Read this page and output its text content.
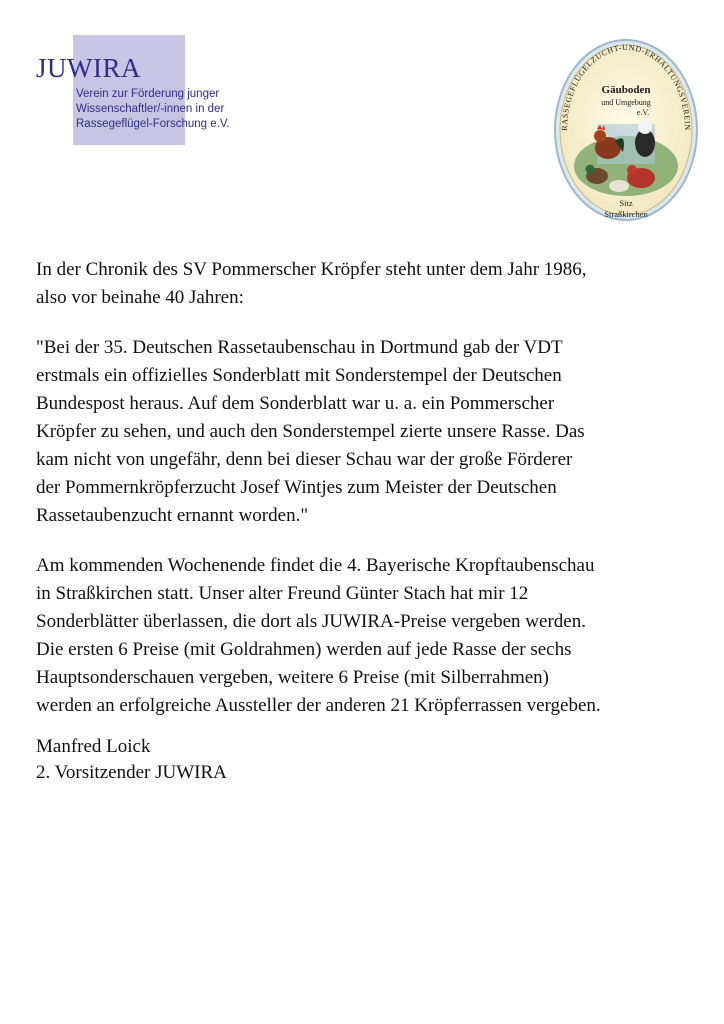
JUWIRA
Verein zur Förderung junger
Wissenschaftler/-innen in der
Rassegeflügel-Forschung e.V.	RASSEGEFLÜGELZUCHT-UND-ERHALTUNGSVEREIN
Gäuboden
und Umgebung
e.V.
Sitz
Straßkirchen

In der Chronik des SV Pommerscher Kröpfer steht unter dem Jahr 1986,
also vor beinahe 40 Jahren:

"Bei der 35. Deutschen Rassetaubenschau in Dortmund gab der VDT
erstmals ein offizielles Sonderblatt mit Sonderstempel der Deutschen
Bundespost heraus. Auf dem Sonderblatt war u. a. ein Pommerscher
Kröpfer zu sehen, und auch den Sonderstempel zierte unsere Rasse. Das
kam nicht von ungefähr, denn bei dieser Schau war der große Förderer
der Pommernkröpferzucht Josef Wintjes zum Meister der Deutschen
Rassetaubenzucht ernannt worden."

Am kommenden Wochenende findet die 4. Bayerische Kropftaubenschau
in Straßkirchen statt. Unser alter Freund Günter Stach hat mir 12
Sonderblätter überlassen, die dort als JUWIRA-Preise vergeben werden.
Die ersten 6 Preise (mit Goldrahmen) werden auf jede Rasse der sechs
Hauptsonderschauen vergeben, weitere 6 Preise (mit Silberrahmen)
werden an erfolgreiche Aussteller der anderen 21 Kröpferrassen vergeben.

Manfred Loick
2. Vorsitzender JUWIRA
